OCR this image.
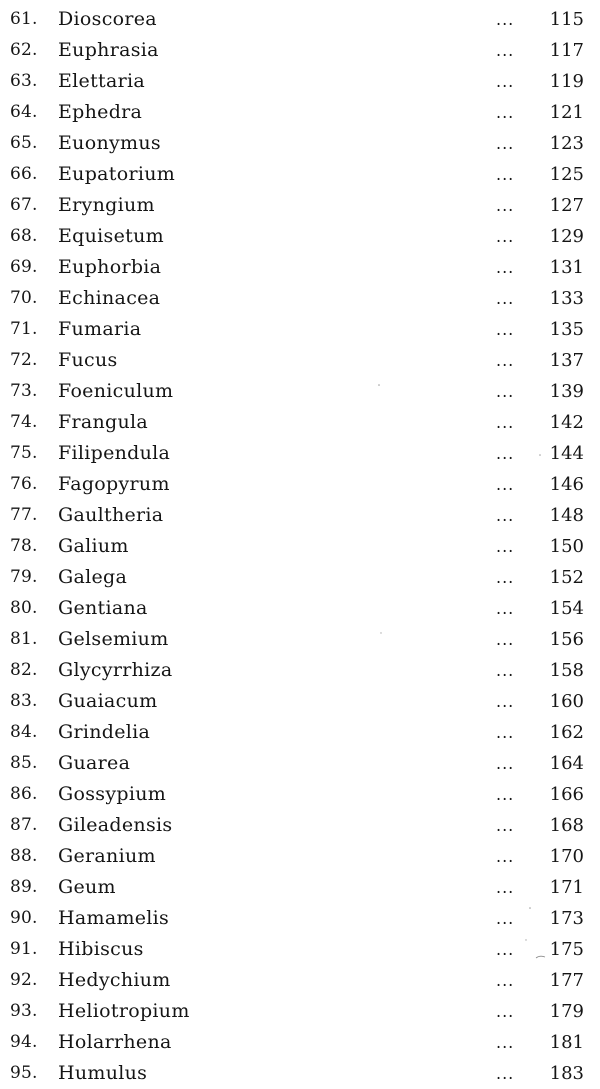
61.	Dioscorea	... 115
62.	Euphrasia	... 117
63.	Elettaria	... 119
64.	Ephedra	... 121
65.	Euonymus	... 123
66.	Eupatorium	... 125
67.	Eryngium	... 127
68.	Equisetum	... 129
69.	Euphorbia	... 131
70.	Echinacea	... 133
71.	Fumaria	... 135
72.	Fucus	... 137
73.	Foeniculum	... 139
74.	Frangula	... 142
75.	Filipendula	... 144
76.	Fagopyrum	... 146
77.	Gaultheria	... 148
78.	Galium	... 150
79.	Galega	... 152
80.	Gentiana	... 154
81.	Gelsemium	... 156
82.	Glycyrrhiza	... 158
83.	Guaiacum	... 160
84.	Grindelia	... 162
85.	Guarea	... 164
86.	Gossypium	... 166
87.	Gileadensis	... 168
88.	Geranium	... 170
89.	Geum	... 171
90.	Hamamelis	... 173
91.	Hibiscus	... 175
92.	Hedychium	... 177
93.	Heliotropium	... 179
94.	Holarrhena	... 181
95.	Humulus	... 183
